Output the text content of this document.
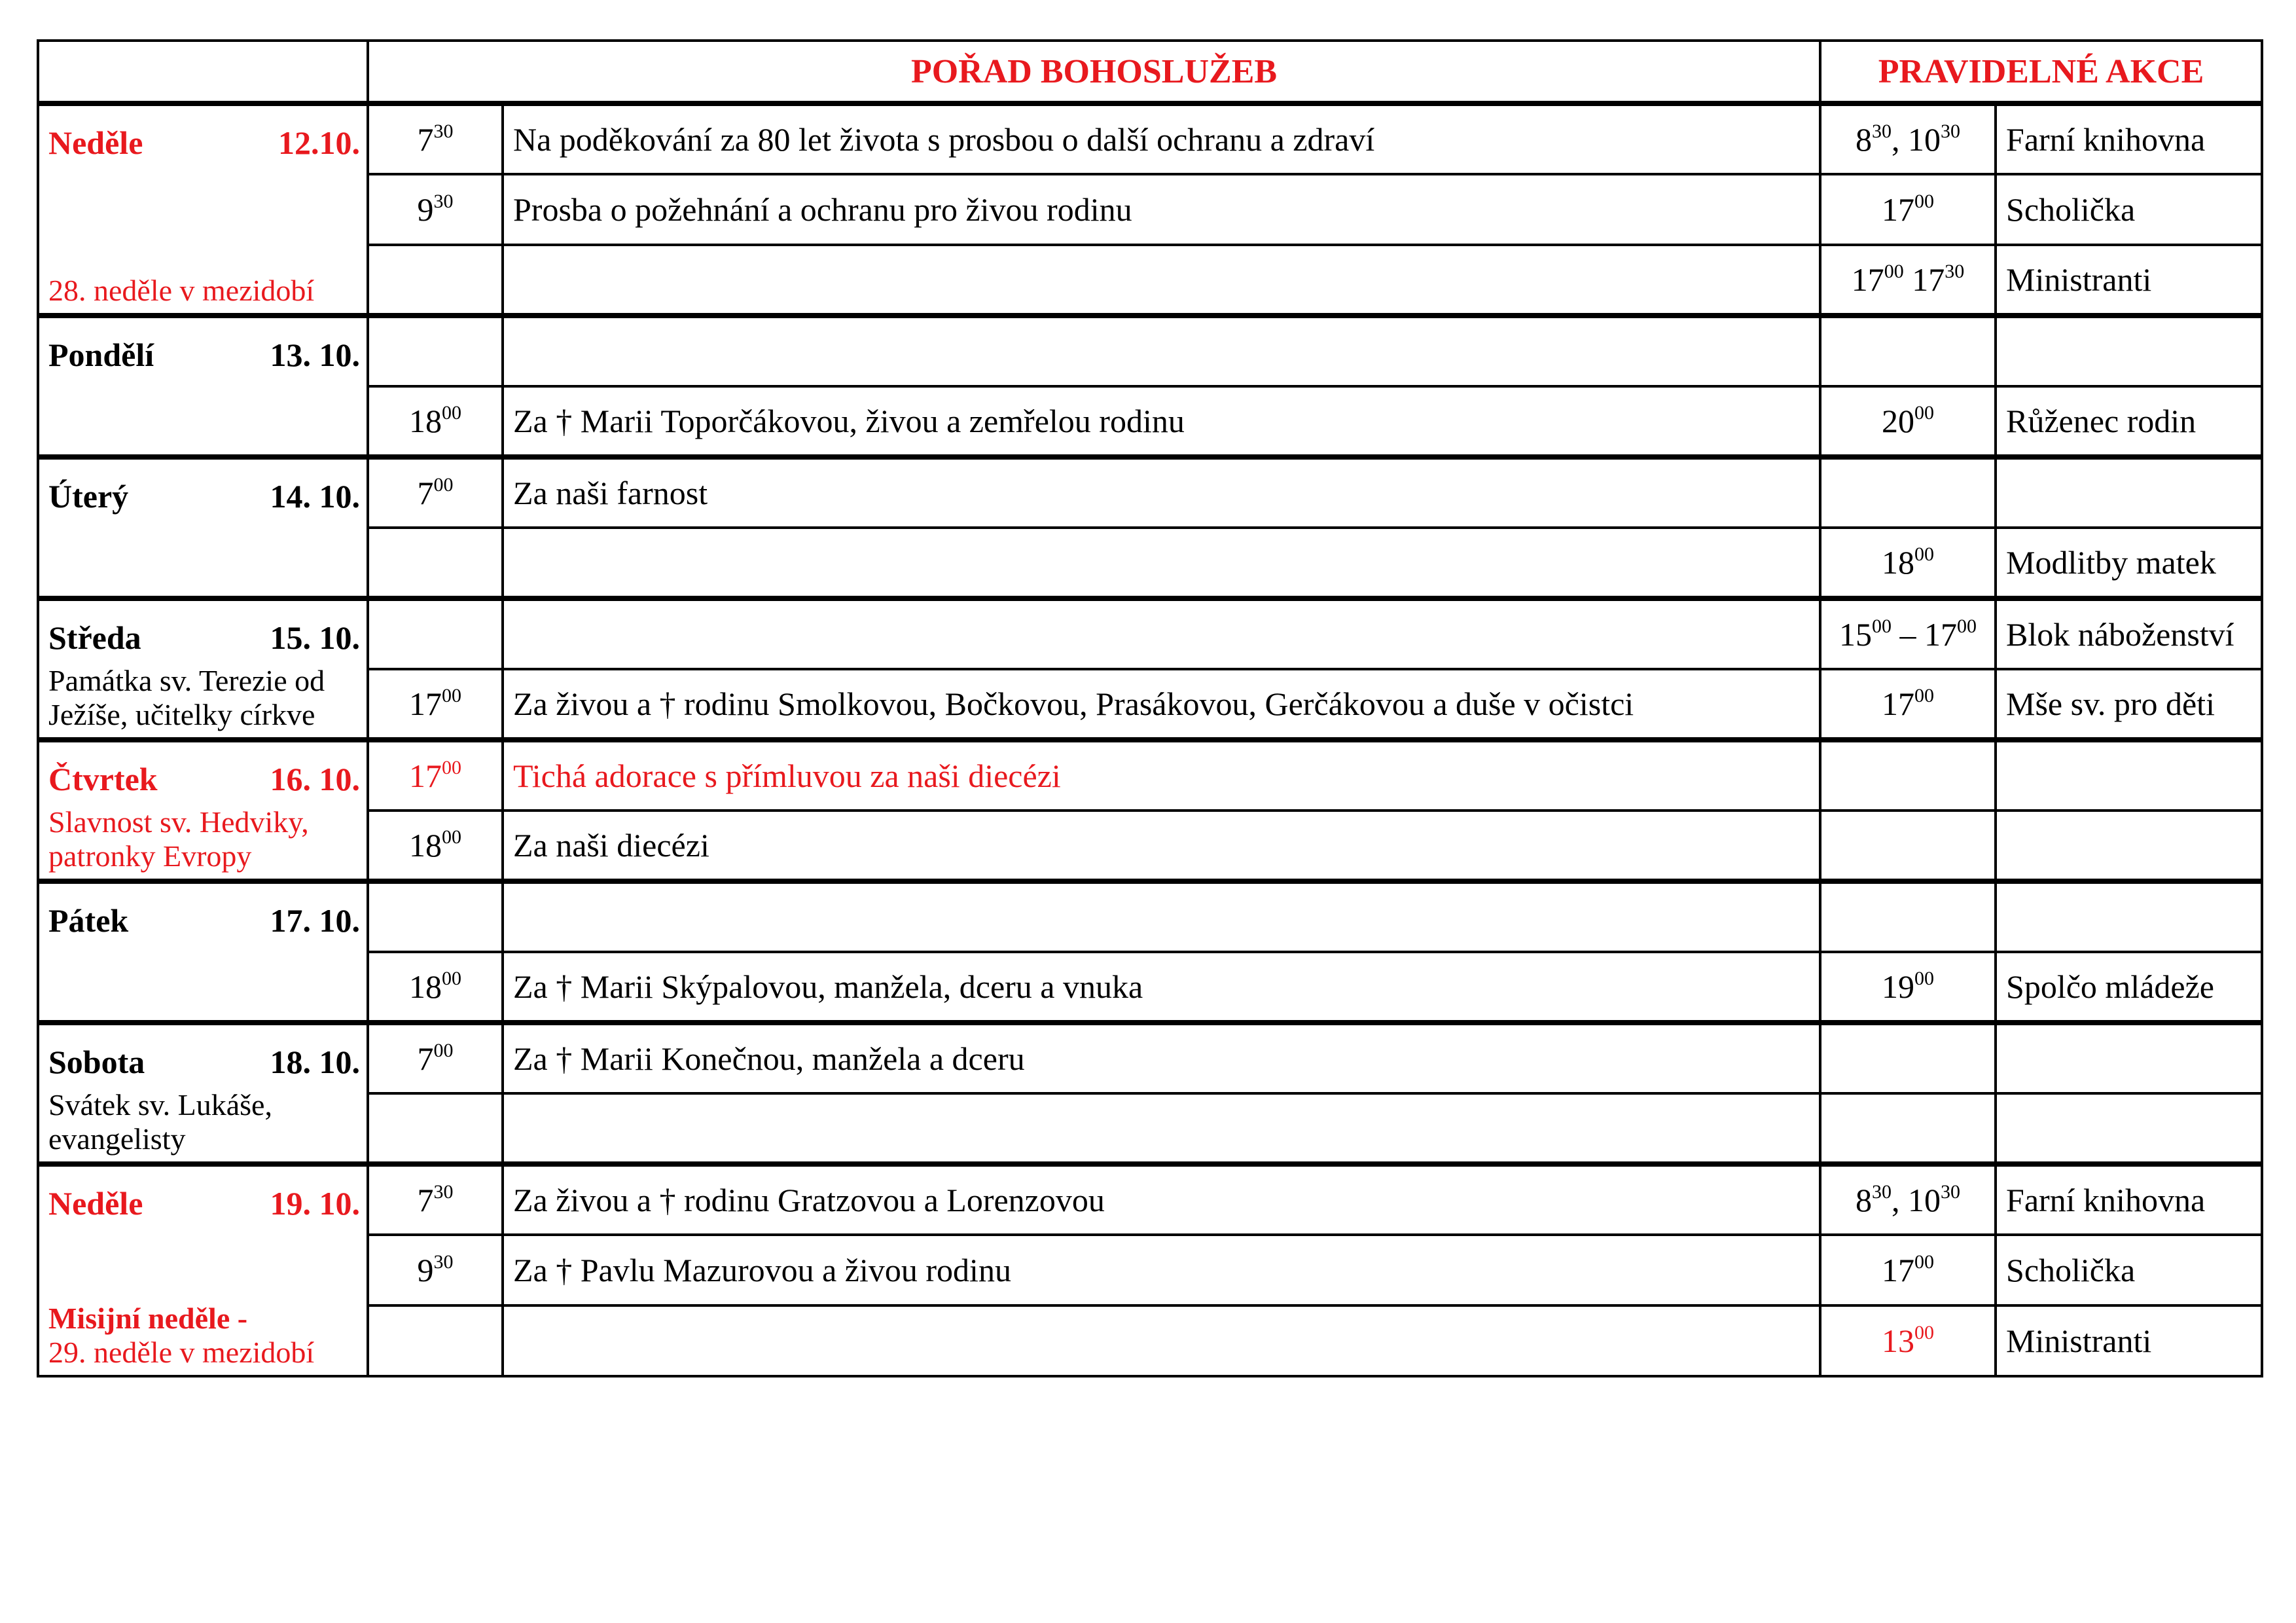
	POŘAD BOHOSLUŽEB		PRAVIDELNÉ AKCE	

Neděle 12.10.
28. neděle v mezidobí	$7^{30}$	Na poděkování za 80 let života s prosbou o další ochranu a zdraví	$8^{30}$, $10^{30}$	Farní knihovna
	$9^{30}$	Prosba o požehnání a ochranu pro živou rodinu	$17^{00}$	Scholička
			$17^{00}$ $17^{30}$	Ministranti

Pondělí 13. 10.				

	$18^{00}$	Za † Marii Toporčákovou, živou a zemřelou rodinu	$20^{00}$	Růženec rodin

Úterý 14. 10.	$7^{00}$	Za naši farnost		
			$18^{00}$	Modlitby matek

Středa 15. 10.
Památka sv. Terezie od Ježíše, učitelky církve			$15^{00} - 17^{00}$	Blok náboženství
	$17^{00}$	Za živou a † rodinu Smolkovou, Bočkovou, Prasákovou, Gerčákovou a duše v očistci	$17^{00}$	Mše sv. pro děti

Čtvrtek 16. 10.
Slavnost sv. Hedviky, patronky Evropy	$17^{00}$	Tichá adorace s přímluvou za naši diecézi		
	$18^{00}$	Za naši diecézi		

Pátek 17. 10.				

	$18^{00}$	Za † Marii Skýpalovou, manžela, dceru a vnuka	$19^{00}$	Spolčo mládeže

Sobota 18. 10.
Svátek sv. Lukáše, evangelisty	$7^{00}$	Za † Marii Konečnou, manžela a dceru		

Neděle 19. 10.
Misijní neděle -
29. neděle v mezidobí	$7^{30}$	Za živou a † rodinu Gratzovou a Lorenzovou	$8^{30}$, $10^{30}$	Farní knihovna
	$9^{30}$	Za † Pavlu Mazurovou a živou rodinu	$17^{00}$	Scholička
			$13^{00}$	Ministranti
